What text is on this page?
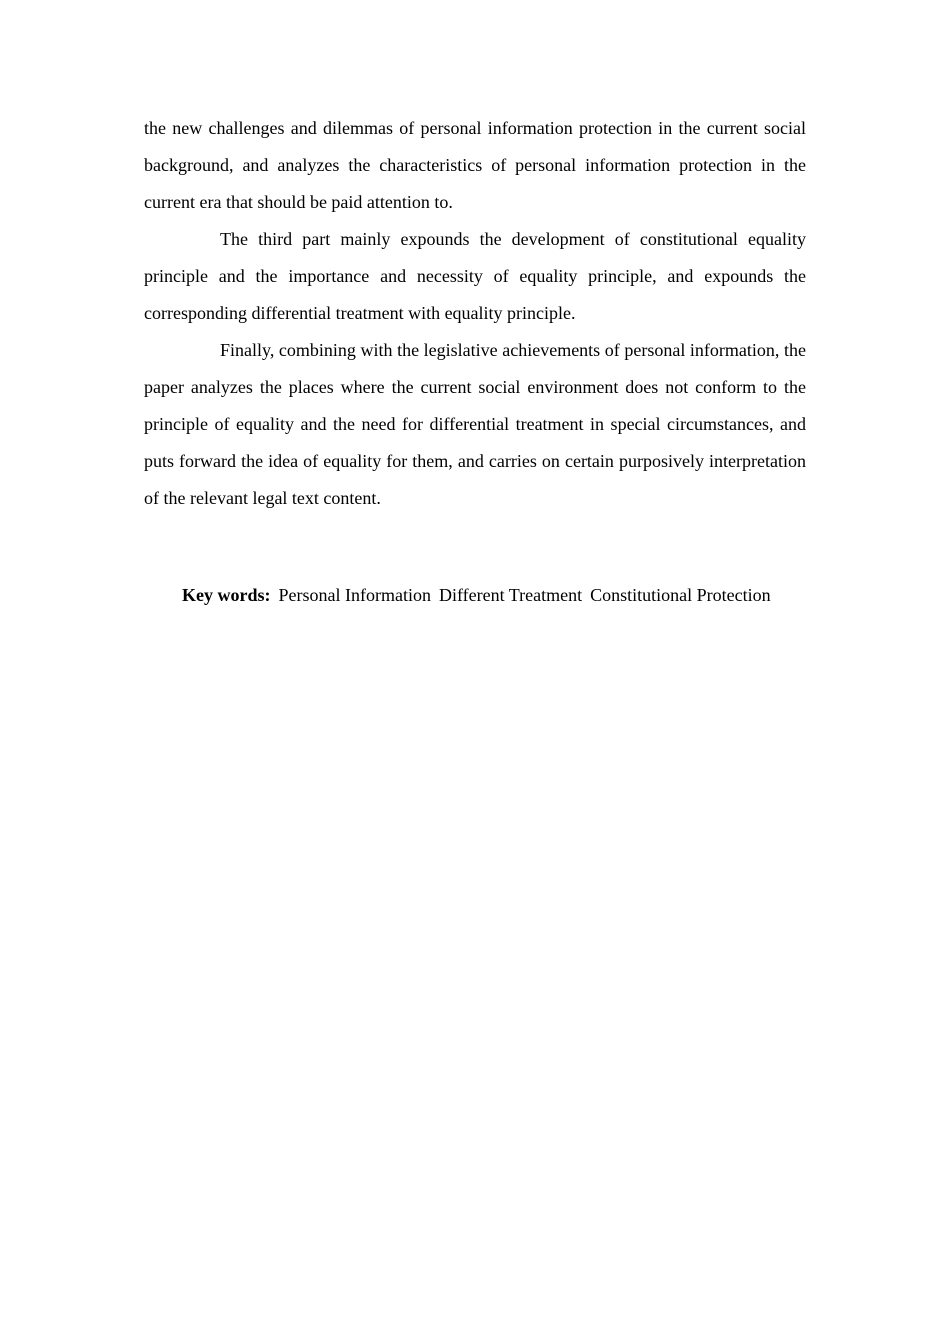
the new challenges and dilemmas of personal information protection in the current social background, and analyzes the characteristics of personal information protection in the current era that should be paid attention to.

The third part mainly expounds the development of constitutional equality principle and the importance and necessity of equality principle, and expounds the corresponding differential treatment with equality principle.

Finally, combining with the legislative achievements of personal information, the paper analyzes the places where the current social environment does not conform to the principle of equality and the need for differential treatment in special circumstances, and puts forward the idea of equality for them, and carries on certain purposively interpretation of the relevant legal text content.

Key words: Personal Information Different Treatment Constitutional Protection
